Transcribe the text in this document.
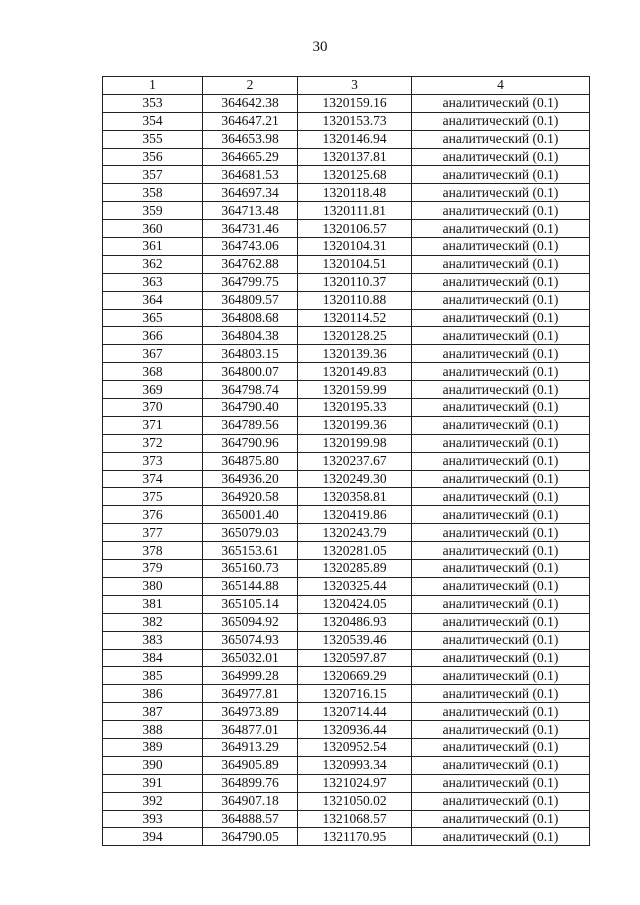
30
1	2	3	4
353	364642.38	1320159.16	аналитический (0.1)
354	364647.21	1320153.73	аналитический (0.1)
355	364653.98	1320146.94	аналитический (0.1)
356	364665.29	1320137.81	аналитический (0.1)
357	364681.53	1320125.68	аналитический (0.1)
358	364697.34	1320118.48	аналитический (0.1)
359	364713.48	1320111.81	аналитический (0.1)
360	364731.46	1320106.57	аналитический (0.1)
361	364743.06	1320104.31	аналитический (0.1)
362	364762.88	1320104.51	аналитический (0.1)
363	364799.75	1320110.37	аналитический (0.1)
364	364809.57	1320110.88	аналитический (0.1)
365	364808.68	1320114.52	аналитический (0.1)
366	364804.38	1320128.25	аналитический (0.1)
367	364803.15	1320139.36	аналитический (0.1)
368	364800.07	1320149.83	аналитический (0.1)
369	364798.74	1320159.99	аналитический (0.1)
370	364790.40	1320195.33	аналитический (0.1)
371	364789.56	1320199.36	аналитический (0.1)
372	364790.96	1320199.98	аналитический (0.1)
373	364875.80	1320237.67	аналитический (0.1)
374	364936.20	1320249.30	аналитический (0.1)
375	364920.58	1320358.81	аналитический (0.1)
376	365001.40	1320419.86	аналитический (0.1)
377	365079.03	1320243.79	аналитический (0.1)
378	365153.61	1320281.05	аналитический (0.1)
379	365160.73	1320285.89	аналитический (0.1)
380	365144.88	1320325.44	аналитический (0.1)
381	365105.14	1320424.05	аналитический (0.1)
382	365094.92	1320486.93	аналитический (0.1)
383	365074.93	1320539.46	аналитический (0.1)
384	365032.01	1320597.87	аналитический (0.1)
385	364999.28	1320669.29	аналитический (0.1)
386	364977.81	1320716.15	аналитический (0.1)
387	364973.89	1320714.44	аналитический (0.1)
388	364877.01	1320936.44	аналитический (0.1)
389	364913.29	1320952.54	аналитический (0.1)
390	364905.89	1320993.34	аналитический (0.1)
391	364899.76	1321024.97	аналитический (0.1)
392	364907.18	1321050.02	аналитический (0.1)
393	364888.57	1321068.57	аналитический (0.1)
394	364790.05	1321170.95	аналитический (0.1)
